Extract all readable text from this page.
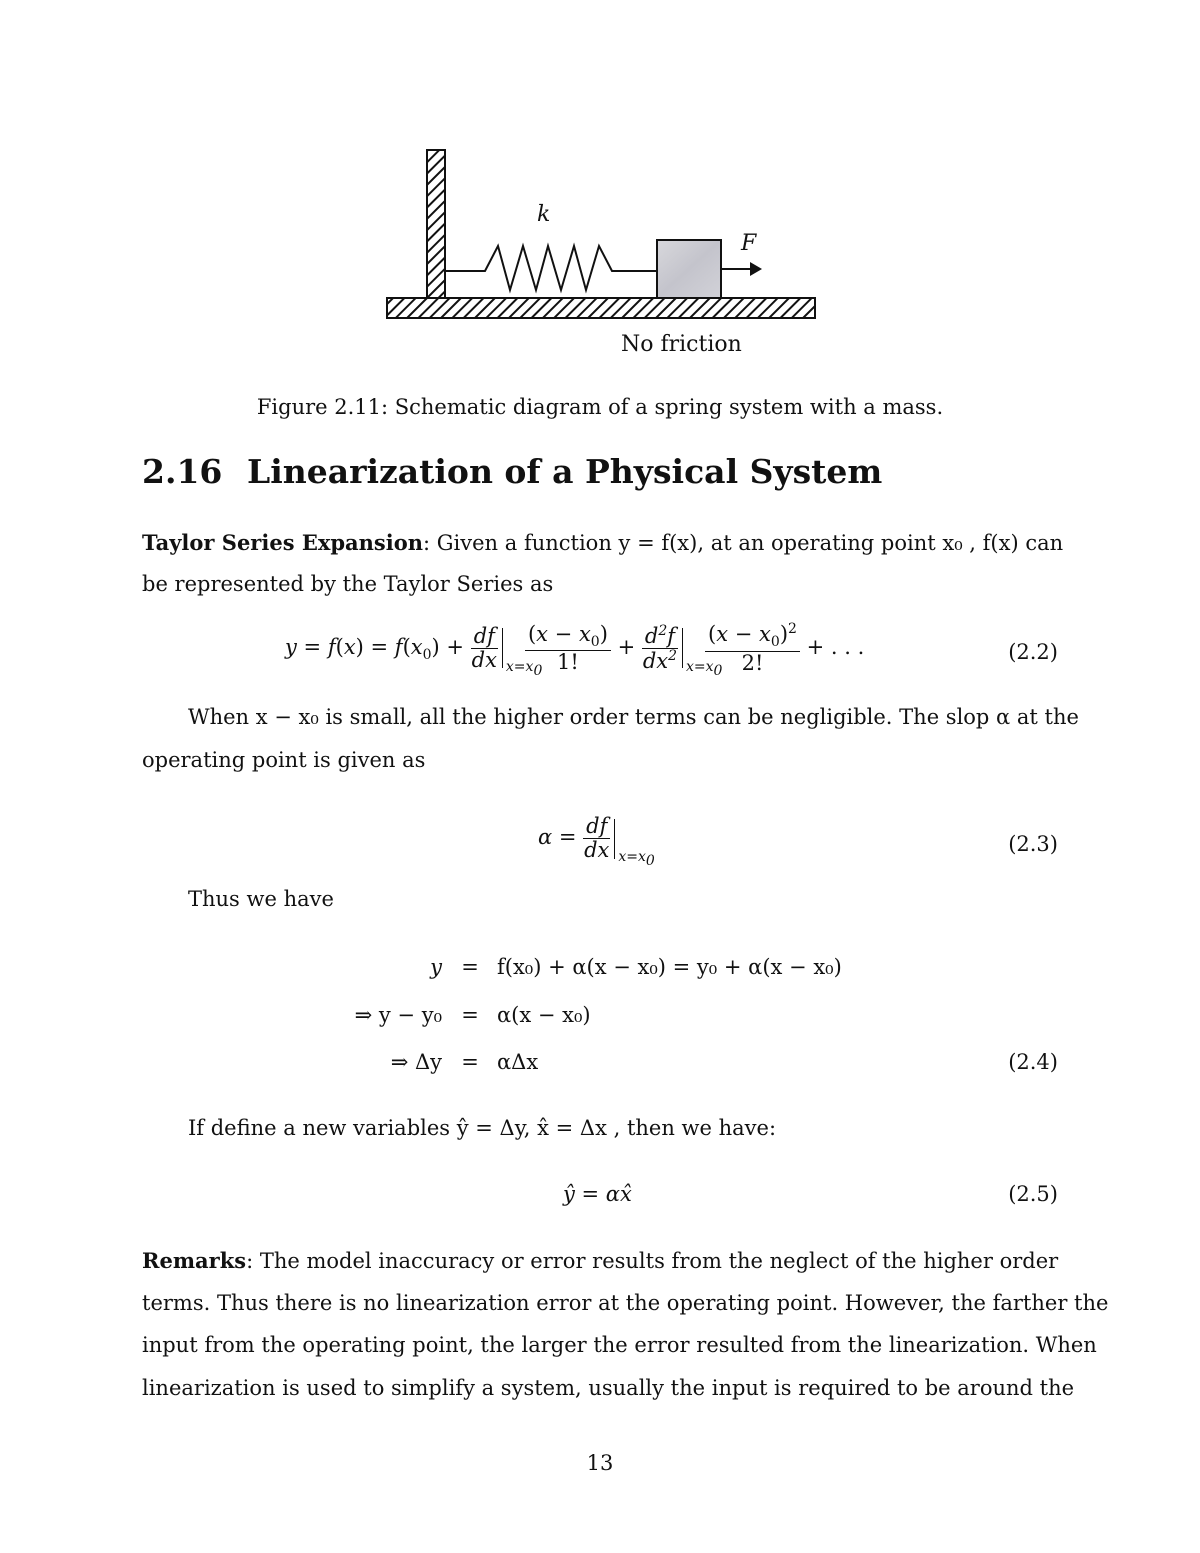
k
F
No friction
Figure 2.11: Schematic diagram of a spring system with a mass.
2.16 Linearization of a Physical System
Taylor Series Expansion: Given a function y = f(x), at an operating point x₀ , f(x) can
be represented by the Taylor Series as
$y = f(x) = f(x_0) + \frac{df}{dx} x=x_0$

$\frac{(x - x_0)}{1!} + \frac{d^2f}{dx^2} x=x_0$

$\frac{(x - x_0)^2}{2!}$ + . . .	(2.2)
When x − x₀ is small, all the higher order terms can be negligible. The slop α at the
operating point is given as
$\alpha = \frac{df}{dx} x=x_0$
(2.3)
Thus we have
y = f(x₀) + α(x − x₀) = y₀ + α(x − x₀)
⇒ y − y₀ = α(x − x₀)
⇒ Δy = αΔx	(2.4)
If define a new variables ŷ = Δy, x̂ = Δx , then we have:
ŷ = αx̂	(2.5)
Remarks: The model inaccuracy or error results from the neglect of the higher order
terms. Thus there is no linearization error at the operating point. However, the farther the
input from the operating point, the larger the error resulted from the linearization. When
linearization is used to simplify a system, usually the input is required to be around the
13
